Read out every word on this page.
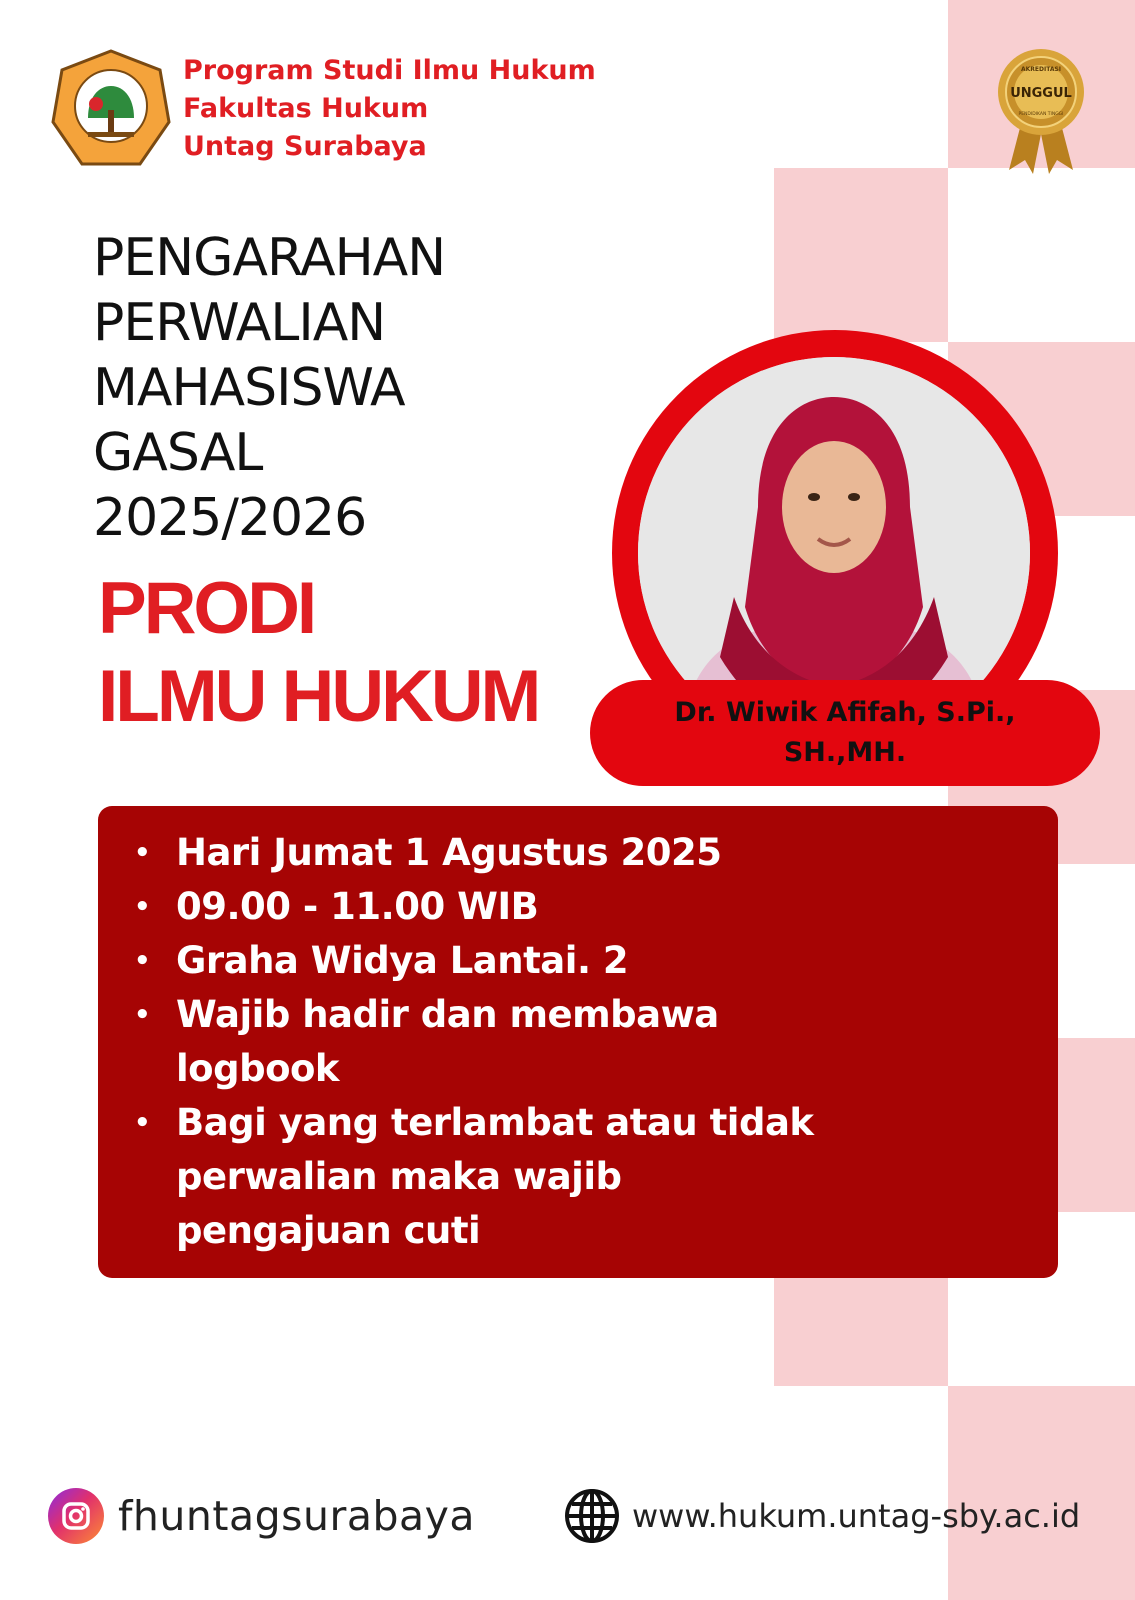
Program Studi Ilmu Hukum
Fakultas Hukum
Untag Surabaya
AKREDITASI
UNGGUL
PENDIDIKAN TINGGI
PENGARAHAN
PERWALIAN
MAHASISWA
GASAL
2025/2026
PRODI
ILMU HUKUM	Dr. Wiwik Afifah, S.Pi.,
SH.,MH.
• Hari Jumat 1 Agustus 2025
• 09.00 - 11.00 WIB
• Graha Widya Lantai. 2
• Wajib hadir dan membawa logbook
• Bagi yang terlambat atau tidak perwalian maka wajib pengajuan cuti
fhuntagsurabaya	www.hukum.untag-sby.ac.id
